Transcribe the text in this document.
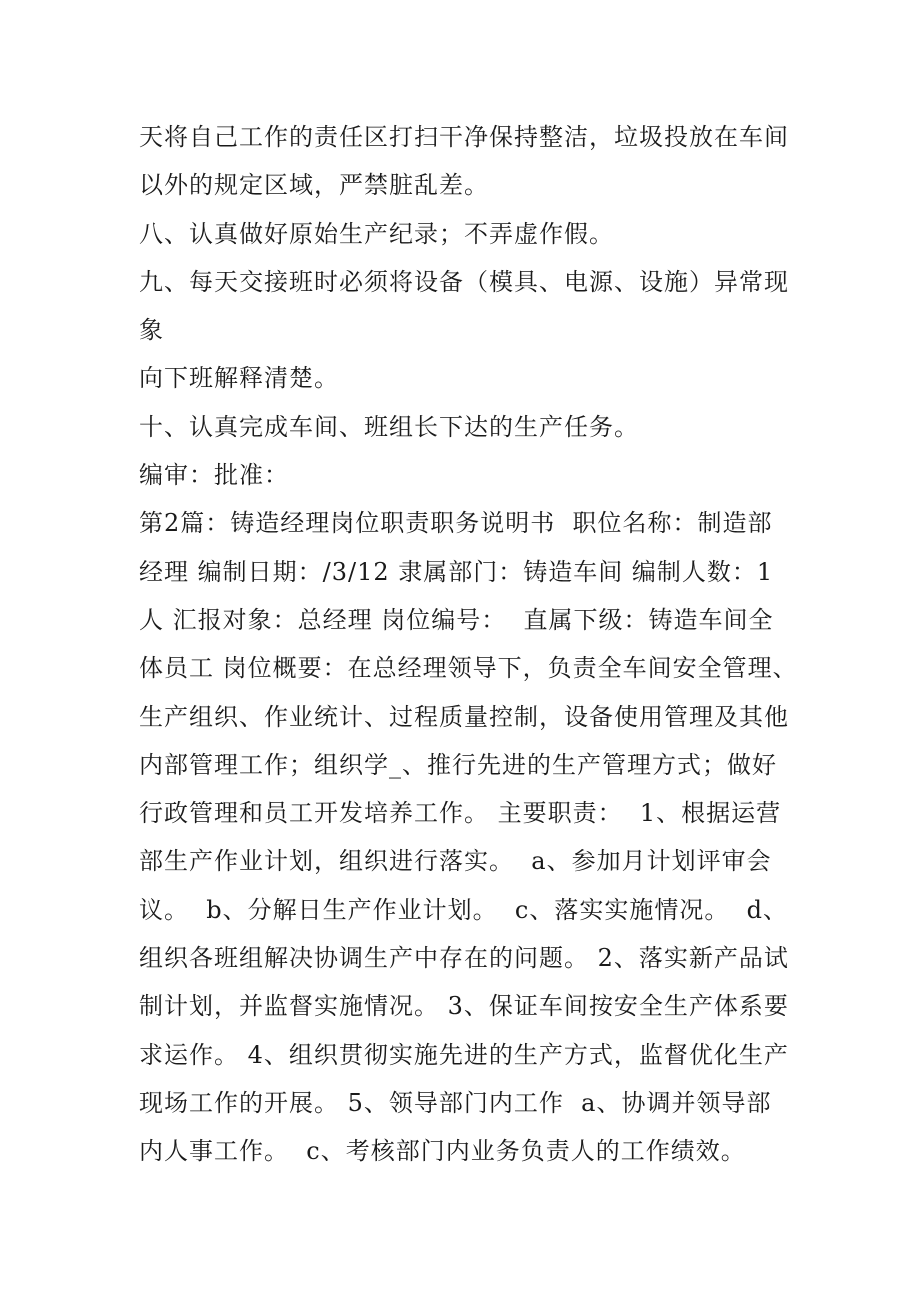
天将自己工作的责任区打扫干净保持整洁，垃圾投放在车间

以外的规定区域，严禁脏乱差。

八、认真做好原始生产纪录；不弄虚作假。

九、每天交接班时必须将设备（模具、电源、设施）异常现

象

向下班解释清楚。

十、认真完成车间、班组长下达的生产任务。

编审：批准：

第2篇：铸造经理岗位职责职务说明书  职位名称：制造部

经理 编制日期：/3/12 隶属部门：铸造车间 编制人数：1

人 汇报对象：总经理 岗位编号：  直属下级：铸造车间全

体员工 岗位概要：在总经理领导下，负责全车间安全管理、

生产组织、作业统计、过程质量控制，设备使用管理及其他

内部管理工作；组织学_、推行先进的生产管理方式；做好

行政管理和员工开发培养工作。 主要职责：  1、根据运营

部生产作业计划，组织进行落实。  a、参加月计划评审会

议。  b、分解日生产作业计划。  c、落实实施情况。  d、

组织各班组解决协调生产中存在的问题。 2、落实新产品试

制计划，并监督实施情况。 3、保证车间按安全生产体系要

求运作。 4、组织贯彻实施先进的生产方式，监督优化生产

现场工作的开展。 5、领导部门内工作  a、协调并领导部

内人事工作。  c、考核部门内业务负责人的工作绩效。
